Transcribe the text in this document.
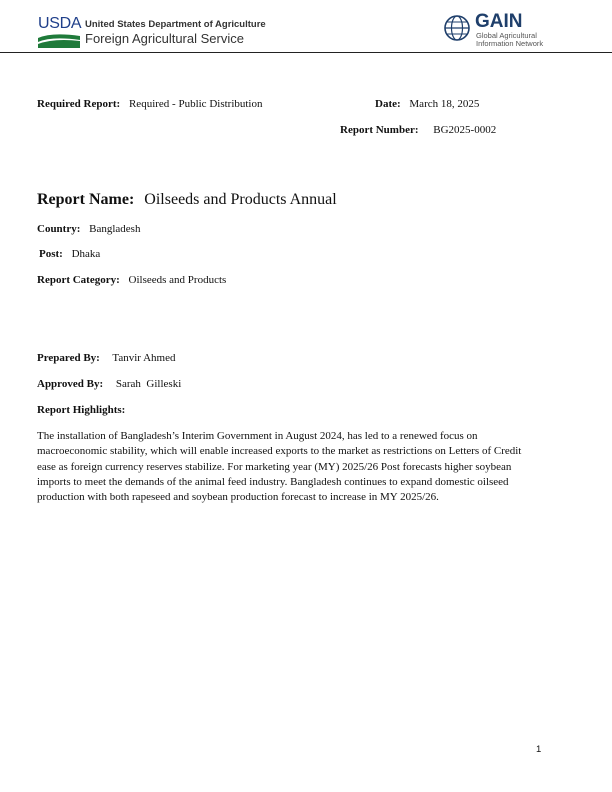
USDA United States Department of Agriculture
Foreign Agricultural Service
GAIN
Global Agricultural
Information Network
Required Report: Required - Public Distribution	Date: March 18, 2025
Report Number: BG2025-0002
Report Name: Oilseeds and Products Annual
Country: Bangladesh
Post: Dhaka
Report Category: Oilseeds and Products
Prepared By: Tanvir Ahmed
Approved By: Sarah  Gilleski
Report Highlights:
The installation of Bangladesh’s Interim Government in August 2024, has led to a renewed focus on macroeconomic stability, which will enable increased exports to the market as restrictions on Letters of Credit ease as foreign currency reserves stabilize. For marketing year (MY) 2025/26 Post forecasts higher soybean imports to meet the demands of the animal feed industry. Bangladesh continues to expand domestic oilseed production with both rapeseed and soybean production forecast to increase in MY 2025/26.
1
